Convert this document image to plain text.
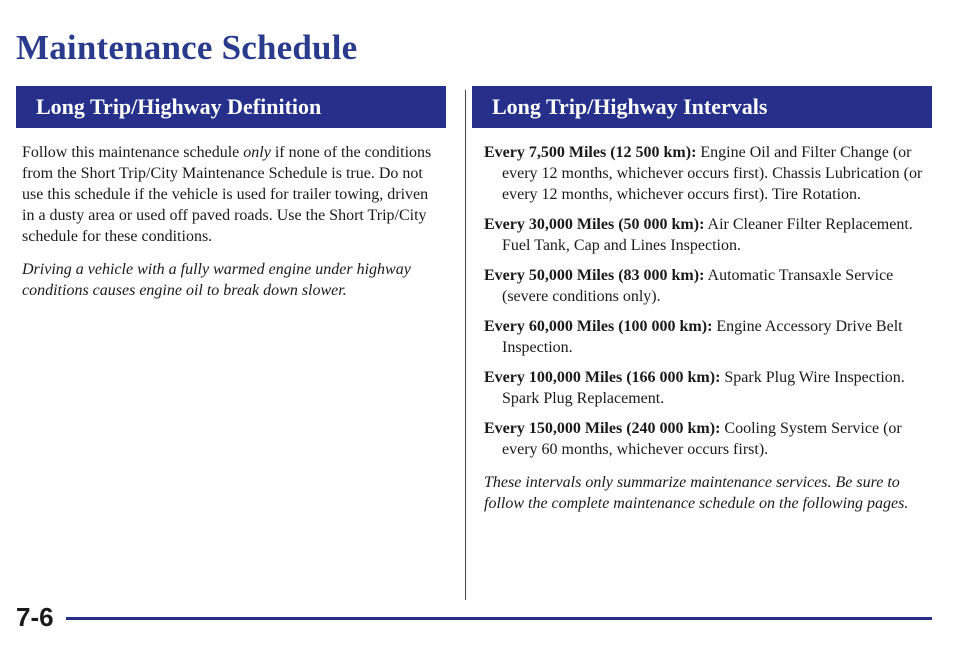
Maintenance Schedule
Long Trip/Highway Definition	Long Trip/Highway Intervals

Follow this maintenance schedule only if none of the conditions from the Short Trip/City Maintenance Schedule is true. Do not use this schedule if the vehicle is used for trailer towing, driven in a dusty area or used off paved roads. Use the Short Trip/City schedule for these conditions.

Driving a vehicle with a fully warmed engine under highway conditions causes engine oil to break down slower.

Every 7,500 Miles (12 500 km): Engine Oil and Filter Change (or every 12 months, whichever occurs first). Chassis Lubrication (or every 12 months, whichever occurs first). Tire Rotation.

Every 30,000 Miles (50 000 km): Air Cleaner Filter Replacement. Fuel Tank, Cap and Lines Inspection.

Every 50,000 Miles (83 000 km): Automatic Transaxle Service (severe conditions only).

Every 60,000 Miles (100 000 km): Engine Accessory Drive Belt Inspection.

Every 100,000 Miles (166 000 km): Spark Plug Wire Inspection. Spark Plug Replacement.

Every 150,000 Miles (240 000 km): Cooling System Service (or every 60 months, whichever occurs first).

These intervals only summarize maintenance services. Be sure to follow the complete maintenance schedule on the following pages.

7-6
